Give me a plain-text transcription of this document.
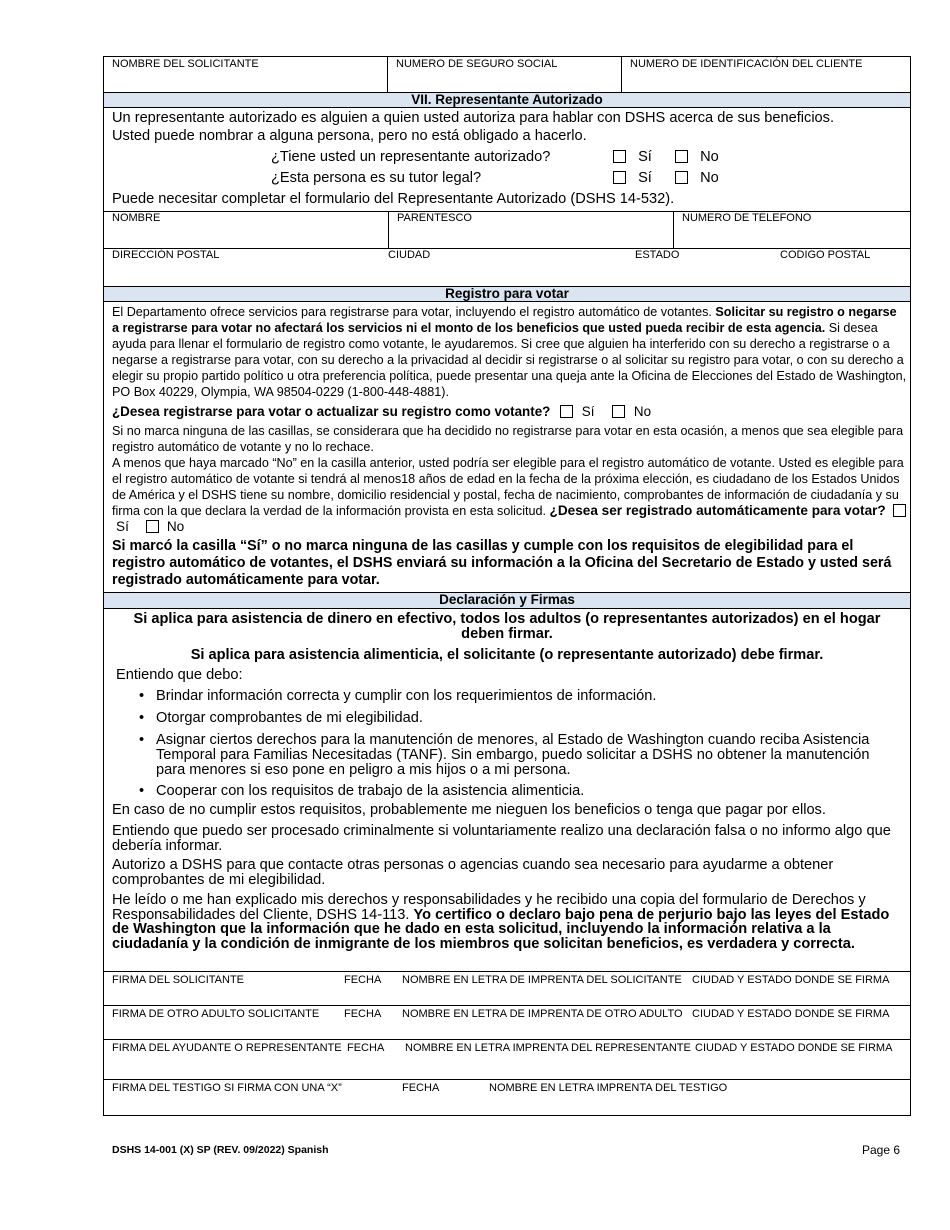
NOMBRE DEL SOLICITANTE	NUMERO DE SEGURO SOCIAL	NUMERO DE IDENTIFICACIÓN DEL CLIENTE
VII. Representante Autorizado
Un representante autorizado es alguien a quien usted autoriza para hablar con DSHS acerca de sus beneficios.
Usted puede nombrar a alguna persona, pero no está obligado a hacerlo.
¿Tiene usted un representante autorizado?	Sí	No
¿Esta persona es su tutor legal?	Sí	No
Puede necesitar completar el formulario del Representante Autorizado (DSHS 14-532).
NOMBRE	PARENTESCO	NUMERO DE TELEFONO
DIRECCIÓN POSTAL	CIUDAD	ESTADO	CODIGO POSTAL
Registro para votar
El Departamento ofrece servicios para registrarse para votar, incluyendo el registro automático de votantes. Solicitar su registro o negarse a registrarse para votar no afectará los servicios ni el monto de los beneficios que usted pueda recibir de esta agencia. Si desea ayuda para llenar el formulario de registro como votante, le ayudaremos. Si cree que alguien ha interferido con su derecho a registrarse o a negarse a registrarse para votar, con su derecho a la privacidad al decidir si registrarse o al solicitar su registro para votar, o con su derecho a elegir su propio partido político u otra preferencia política, puede presentar una queja ante la Oficina de Elecciones del Estado de Washington, PO Box 40229, Olympia, WA 98504-0229 (1-800-448-4881).
¿Desea registrarse para votar o actualizar su registro como votante? Sí	No
Si no marca ninguna de las casillas, se considerara que ha decidido no registrarse para votar en esta ocasión, a menos que sea elegible para registro automático de votante y no lo rechace.
A menos que haya marcado “No” en la casilla anterior, usted podría ser elegible para el registro automático de votante. Usted es elegible para el registro automático de votante si tendrá al menos18 años de edad en la fecha de la próxima elección, es ciudadano de los Estados Unidos de América y el DSHS tiene su nombre, domicilio residencial y postal, fecha de nacimiento, comprobantes de información de ciudadanía y su firma con la que declara la verdad de la información provista en esta solicitud. ¿Desea ser registrado automáticamente para votar?  Sí	No
Si marcó la casilla “Sí” o no marca ninguna de las casillas y cumple con los requisitos de elegibilidad para el registro automático de votantes, el DSHS enviará su información a la Oficina del Secretario de Estado y usted será registrado automáticamente para votar.
Declaración y Firmas
Si aplica para asistencia de dinero en efectivo, todos los adultos (o representantes autorizados) en el hogar deben firmar.
Si aplica para asistencia alimenticia, el solicitante (o representante autorizado) debe firmar.
Entiendo que debo:
• Brindar información correcta y cumplir con los requerimientos de información.
• Otorgar comprobantes de mi elegibilidad.
• Asignar ciertos derechos para la manutención de menores, al Estado de Washington cuando reciba Asistencia Temporal para Familias Necesitadas (TANF). Sin embargo, puedo solicitar a DSHS no obtener la manutención para menores si eso pone en peligro a mis hijos o a mi persona.
• Cooperar con los requisitos de trabajo de la asistencia alimenticia.
En caso de no cumplir estos requisitos, probablemente me nieguen los beneficios o tenga que pagar por ellos.
Entiendo que puedo ser procesado criminalmente si voluntariamente realizo una declaración falsa o no informo algo que debería informar.
Autorizo a DSHS para que contacte otras personas o agencias cuando sea necesario para ayudarme a obtener comprobantes de mi elegibilidad.
He leído o me han explicado mis derechos y responsabilidades y he recibido una copia del formulario de Derechos y Responsabilidades del Cliente, DSHS 14-113. Yo certifico o declaro bajo pena de perjurio bajo las leyes del Estado de Washington que la información que he dado en esta solicitud, incluyendo la información relativa a la ciudadanía y la condición de inmigrante de los miembros que solicitan beneficios, es verdadera y correcta.
FIRMA DEL SOLICITANTE	FECHA NOMBRE EN LETRA DE IMPRENTA DEL SOLICITANTE CIUDAD Y ESTADO DONDE SE FIRMA
FIRMA DE OTRO ADULTO SOLICITANTE FECHA NOMBRE EN LETRA DE IMPRENTA DE OTRO ADULTO CIUDAD Y ESTADO DONDE SE FIRMA
FIRMA DEL AYUDANTE O REPRESENTANTE FECHA NOMBRE EN LETRA IMPRENTA DEL REPRESENTANTE CIUDAD Y ESTADO DONDE SE FIRMA
FIRMA DEL TESTIGO SI FIRMA CON UNA “X”	FECHA	NOMBRE EN LETRA IMPRENTA DEL TESTIGO
DSHS 14-001 (X) SP (REV. 09/2022) Spanish	Page 6
